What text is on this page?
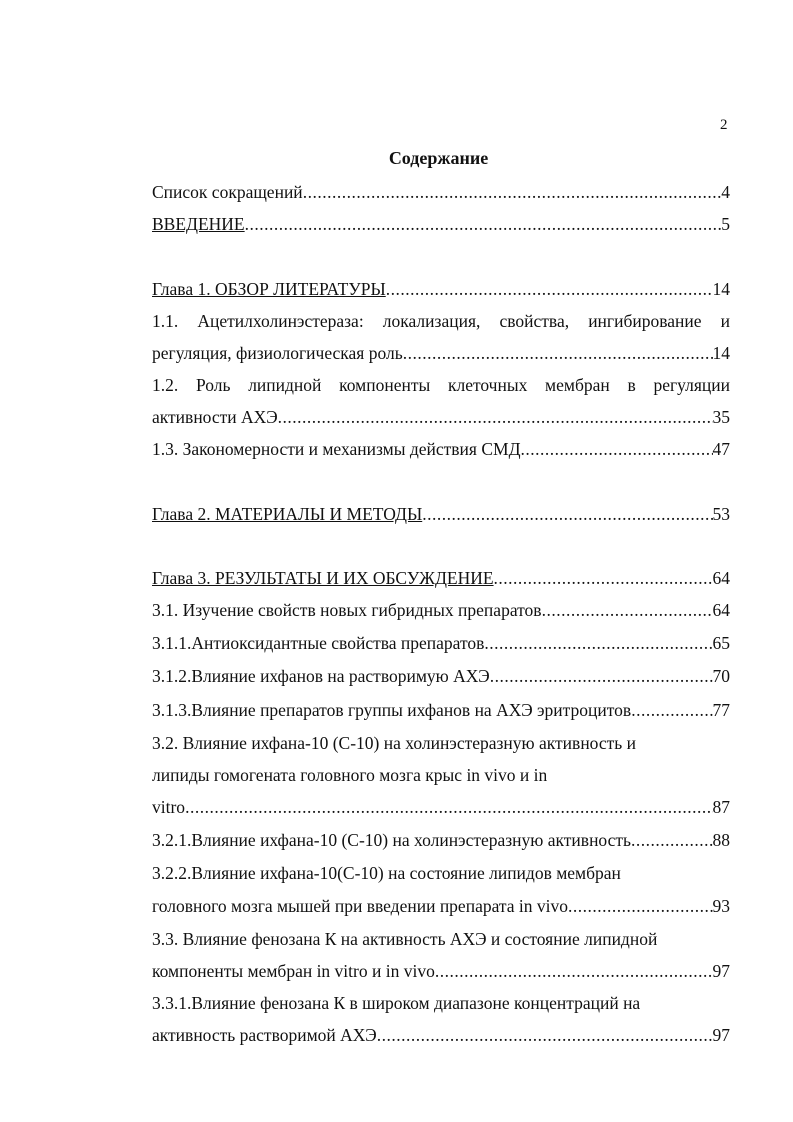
2
Содержание
Список сокращений .....	4
ВВЕДЕНИЕ .....	5
Глава 1. ОБЗОР ЛИТЕРАТУРЫ .....	14
1.1. Ацетилхолинэстераза: локализация, свойства, ингибирование и
регуляция, физиологическая роль .....	14
1.2. Роль липидной компоненты клеточных мембран в регуляции
активности АХЭ .....	35
1.3. Закономерности и механизмы действия СМД .....	47
Глава 2. МАТЕРИАЛЫ И МЕТОДЫ .....	53
Глава 3. РЕЗУЛЬТАТЫ И ИХ ОБСУЖДЕНИЕ .....	64
3.1. Изучение свойств новых гибридных препаратов .....	64
3.1.1.Антиоксидантные свойства препаратов .....	65
3.1.2.Влияние ихфанов на растворимую АХЭ .....	70
3.1.3.Влияние препаратов группы ихфанов на АХЭ эритроцитов .....	77
3.2. Влияние ихфана-10 (С-10) на холинэстеразную активность и
липиды гомогената головного мозга крыс in vivo и in
vitro .....	87
3.2.1.Влияние ихфана-10 (С-10) на холинэстеразную активность .....	88
3.2.2.Влияние ихфана-10(С-10) на состояние липидов мембран
головного мозга мышей при введении препарата in vivo .....	93
3.3. Влияние фенозана К на активность АХЭ и состояние липидной
компоненты мембран in vitro и in vivo .....	97
3.3.1.Влияние фенозана К в широком диапазоне концентраций на
активность растворимой АХЭ .....	97
